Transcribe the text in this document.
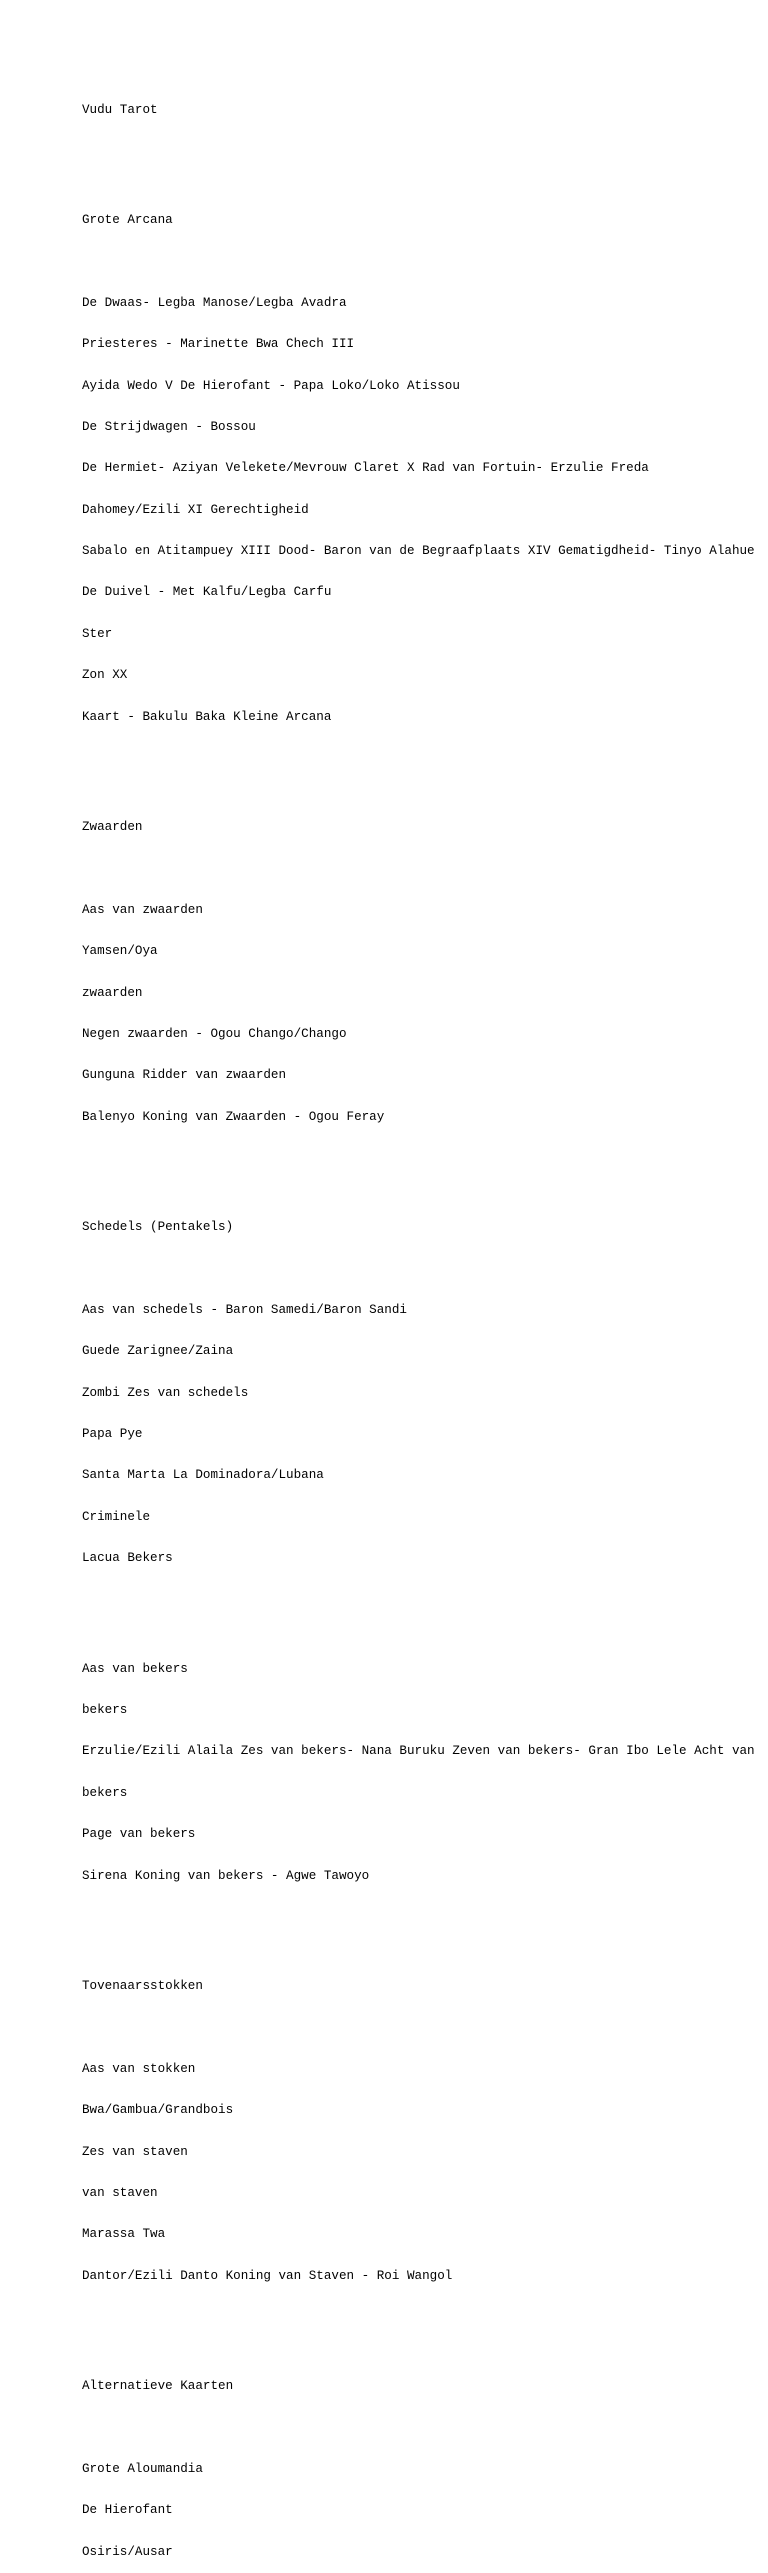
Vudu Tarot

Grote Arcana

De Dwaas- Legba Manose/Legba Avadra

Priesteres - Marinette Bwa Chech III

Ayida Wedo V De Hierofant - Papa Loko/Loko Atissou

De Strijdwagen - Bossou

De Hermiet- Aziyan Velekete/Mevrouw Claret X Rad van Fortuin- Erzulie Freda

Dahomey/Ezili XI Gerechtigheid

Sabalo en Atitampuey XIII Dood- Baron van de Begraafplaats XIV Gematigdheid- Tinyo Alahue

De Duivel - Met Kalfu/Legba Carfu

Ster

Zon XX

Kaart - Bakulu Baka Kleine Arcana

Zwaarden

Aas van zwaarden

Yamsen/Oya

zwaarden

Negen zwaarden - Ogou Chango/Chango

Gunguna Ridder van zwaarden

Balenyo Koning van Zwaarden - Ogou Feray

Schedels (Pentakels)

Aas van schedels - Baron Samedi/Baron Sandi

Guede Zarignee/Zaina

Zombi Zes van schedels

Papa Pye

Santa Marta La Dominadora/Lubana

Criminele

Lacua Bekers

Aas van bekers

bekers

Erzulie/Ezili Alaila Zes van bekers- Nana Buruku Zeven van bekers- Gran Ibo Lele Acht van

bekers

Page van bekers

Sirena Koning van bekers - Agwe Tawoyo

Tovenaarsstokken

Aas van stokken

Bwa/Gambua/Grandbois

Zes van staven

van staven

Marassa Twa

Dantor/Ezili Danto Koning van Staven - Roi Wangol

Alternatieve Kaarten

Grote Aloumandia

De Hierofant

Osiris/Ausar
